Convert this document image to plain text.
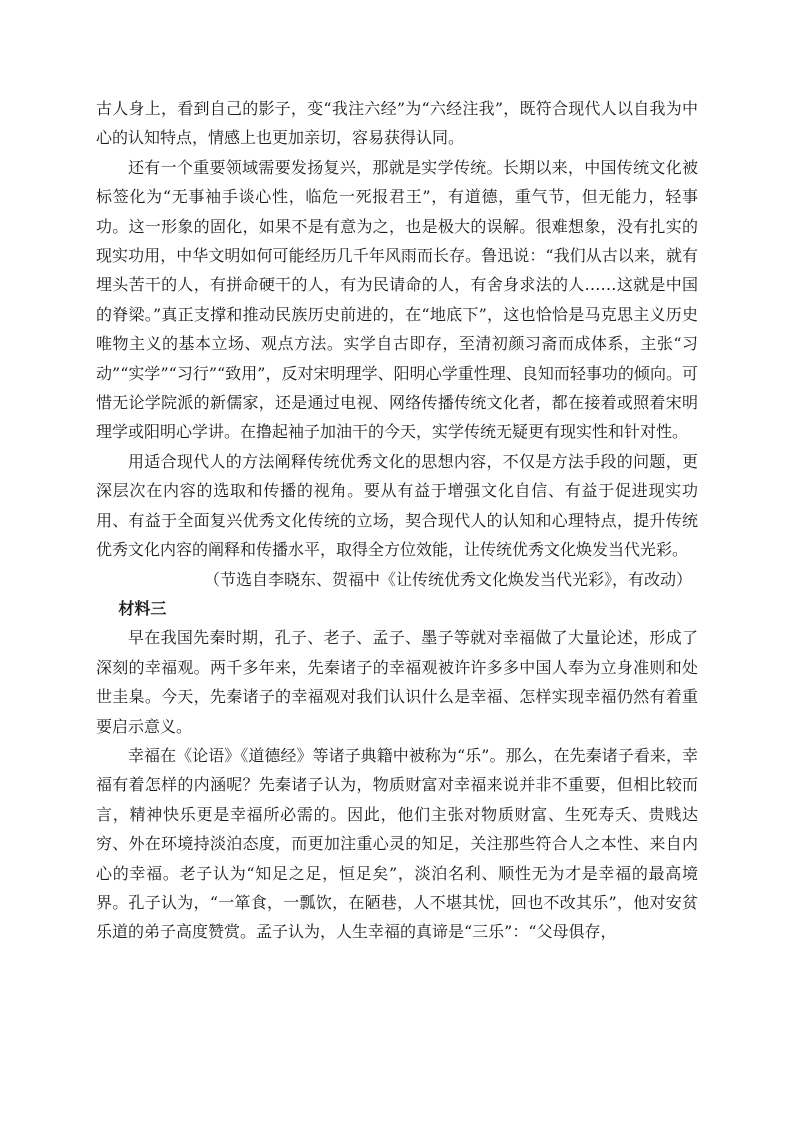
古人身上，看到自己的影子，变“我注六经”为“六经注我”，既符合现代人以自我为中心的认知特点，情感上也更加亲切，容易获得认同。

还有一个重要领域需要发扬复兴，那就是实学传统。长期以来，中国传统文化被标签化为“无事袖手谈心性，临危一死报君王”，有道德，重气节，但无能力，轻事功。这一形象的固化，如果不是有意为之，也是极大的误解。很难想象，没有扎实的现实功用，中华文明如何可能经历几千年风雨而长存。鲁迅说：“我们从古以来，就有埋头苦干的人，有拼命硬干的人，有为民请命的人，有舍身求法的人……这就是中国的脊梁。”真正支撑和推动民族历史前进的，在“地底下”，这也恰恰是马克思主义历史唯物主义的基本立场、观点方法。实学自古即存，至清初颜习斋而成体系，主张“习动”“实学”“习行”“致用”，反对宋明理学、阳明心学重性理、良知而轻事功的倾向。可惜无论学院派的新儒家，还是通过电视、网络传播传统文化者，都在接着或照着宋明理学或阳明心学讲。在撸起袖子加油干的今天，实学传统无疑更有现实性和针对性。

用适合现代人的方法阐释传统优秀文化的思想内容，不仅是方法手段的问题，更深层次在内容的选取和传播的视角。要从有益于增强文化自信、有益于促进现实功用、有益于全面复兴优秀文化传统的立场，契合现代人的认知和心理特点，提升传统优秀文化内容的阐释和传播水平，取得全方位效能，让传统优秀文化焕发当代光彩。

（节选自李晓东、贺福中《让传统优秀文化焕发当代光彩》，有改动）

材料三

早在我国先秦时期，孔子、老子、孟子、墨子等就对幸福做了大量论述，形成了深刻的幸福观。两千多年来，先秦诸子的幸福观被许许多多中国人奉为立身准则和处世圭臬。今天，先秦诸子的幸福观对我们认识什么是幸福、怎样实现幸福仍然有着重要启示意义。

幸福在《论语》《道德经》等诸子典籍中被称为“乐”。那么，在先秦诸子看来，幸福有着怎样的内涵呢？先秦诸子认为，物质财富对幸福来说并非不重要，但相比较而言，精神快乐更是幸福所必需的。因此，他们主张对物质财富、生死寿夭、贵贱达穷、外在环境持淡泊态度，而更加注重心灵的知足，关注那些符合人之本性、来自内心的幸福。老子认为“知足之足，恒足矣”，淡泊名利、顺性无为才是幸福的最高境界。孔子认为，“一箪食，一瓢饮，在陋巷，人不堪其忧，回也不改其乐”，他对安贫乐道的弟子高度赞赏。孟子认为，人生幸福的真谛是“三乐”：“父母俱存，
